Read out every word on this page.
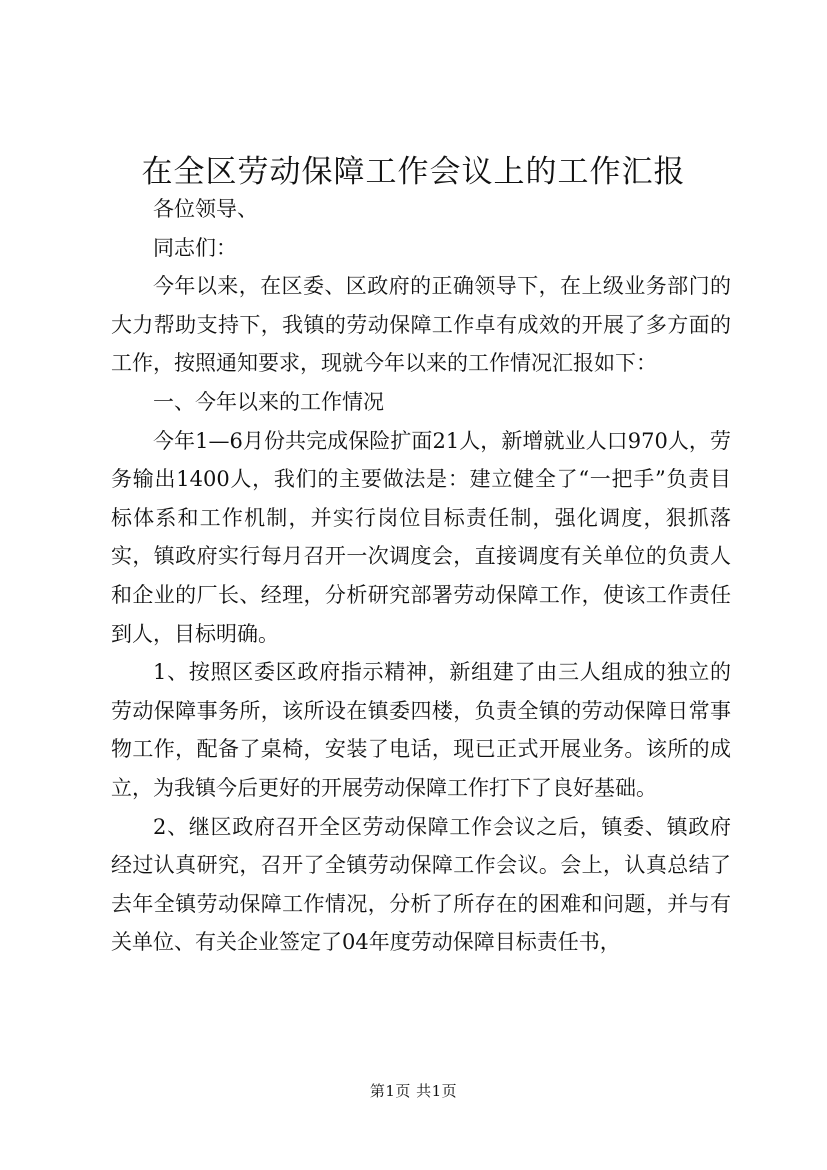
在全区劳动保障工作会议上的工作汇报

各位领导、

同志们：

今年以来，在区委、区政府的正确领导下，在上级业务部门的大力帮助支持下，我镇的劳动保障工作卓有成效的开展了多方面的工作，按照通知要求，现就今年以来的工作情况汇报如下：

一、今年以来的工作情况

今年1—6月份共完成保险扩面21人，新增就业人口970人，劳务输出1400人，我们的主要做法是：建立健全了“一把手”负责目标体系和工作机制，并实行岗位目标责任制，强化调度，狠抓落实，镇政府实行每月召开一次调度会，直接调度有关单位的负责人和企业的厂长、经理，分析研究部署劳动保障工作，使该工作责任到人，目标明确。

1、按照区委区政府指示精神，新组建了由三人组成的独立的劳动保障事务所，该所设在镇委四楼，负责全镇的劳动保障日常事物工作，配备了桌椅，安装了电话，现已正式开展业务。该所的成立，为我镇今后更好的开展劳动保障工作打下了良好基础。

2、继区政府召开全区劳动保障工作会议之后，镇委、镇政府经过认真研究，召开了全镇劳动保障工作会议。会上，认真总结了去年全镇劳动保障工作情况，分析了所存在的困难和问题，并与有关单位、有关企业签定了04年度劳动保障目标责任书，

第1页 共1页
